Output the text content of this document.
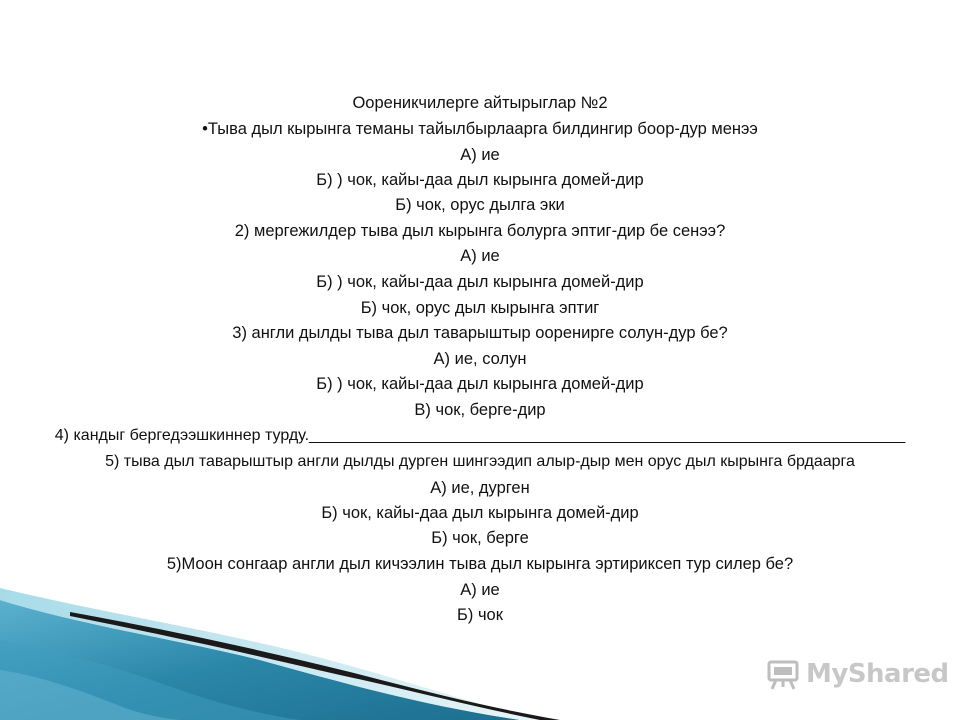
Ooреникчилерге айтырыглар №2
•Тыва дыл кырынга теманы тайылбырлаарга билдингир боор-дур менээ
А) ие
Б) ) чок, кайы-даа дыл кырынга домей-дир
Б) чок, орус дылга эки
2) мергежилдер тыва дыл кырынга болурга эптиг-дир бе сенээ?
А) ие
Б) ) чок, кайы-даа дыл кырынга домей-дир
Б) чок, орус дыл кырынга эптиг
3) англи дылды тыва дыл таварыштыр ооренирге солун-дур бе?
А) ие, солун
Б) ) чок, кайы-даа дыл кырынга домей-дир
В) чок, берге-дир
4) кандыг бергедээшкиннер турду.___________________________________________________________________
5) тыва дыл таварыштыр англи дылды дурген шингээдип алыр-дыр мен орус дыл кырынга брдаарга
А) ие, дурген
Б) чок, кайы-даа дыл кырынга домей-дир
Б) чок, берге
5)Моон сонгаар англи дыл кичээлин тыва дыл кырынга эртириксеп тур силер бе?
А) ие
Б) чок
MyShared
